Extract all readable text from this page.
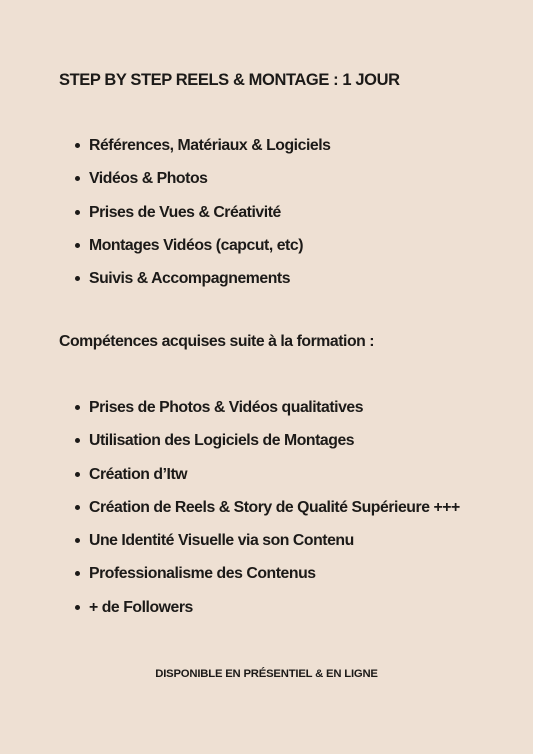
STEP BY STEP REELS & MONTAGE : 1 JOUR
Références, Matériaux & Logiciels
Vidéos & Photos
Prises de Vues & Créativité
Montages Vidéos (capcut, etc)
Suivis & Accompagnements
Compétences acquises suite à la formation :
Prises de Photos & Vidéos qualitatives
Utilisation des Logiciels de Montages
Création d’Itw
Création de Reels & Story de Qualité Supérieure +++
Une Identité Visuelle via son Contenu
Professionalisme des Contenus
+ de Followers
DISPONIBLE EN PRÉSENTIEL & EN LIGNE
